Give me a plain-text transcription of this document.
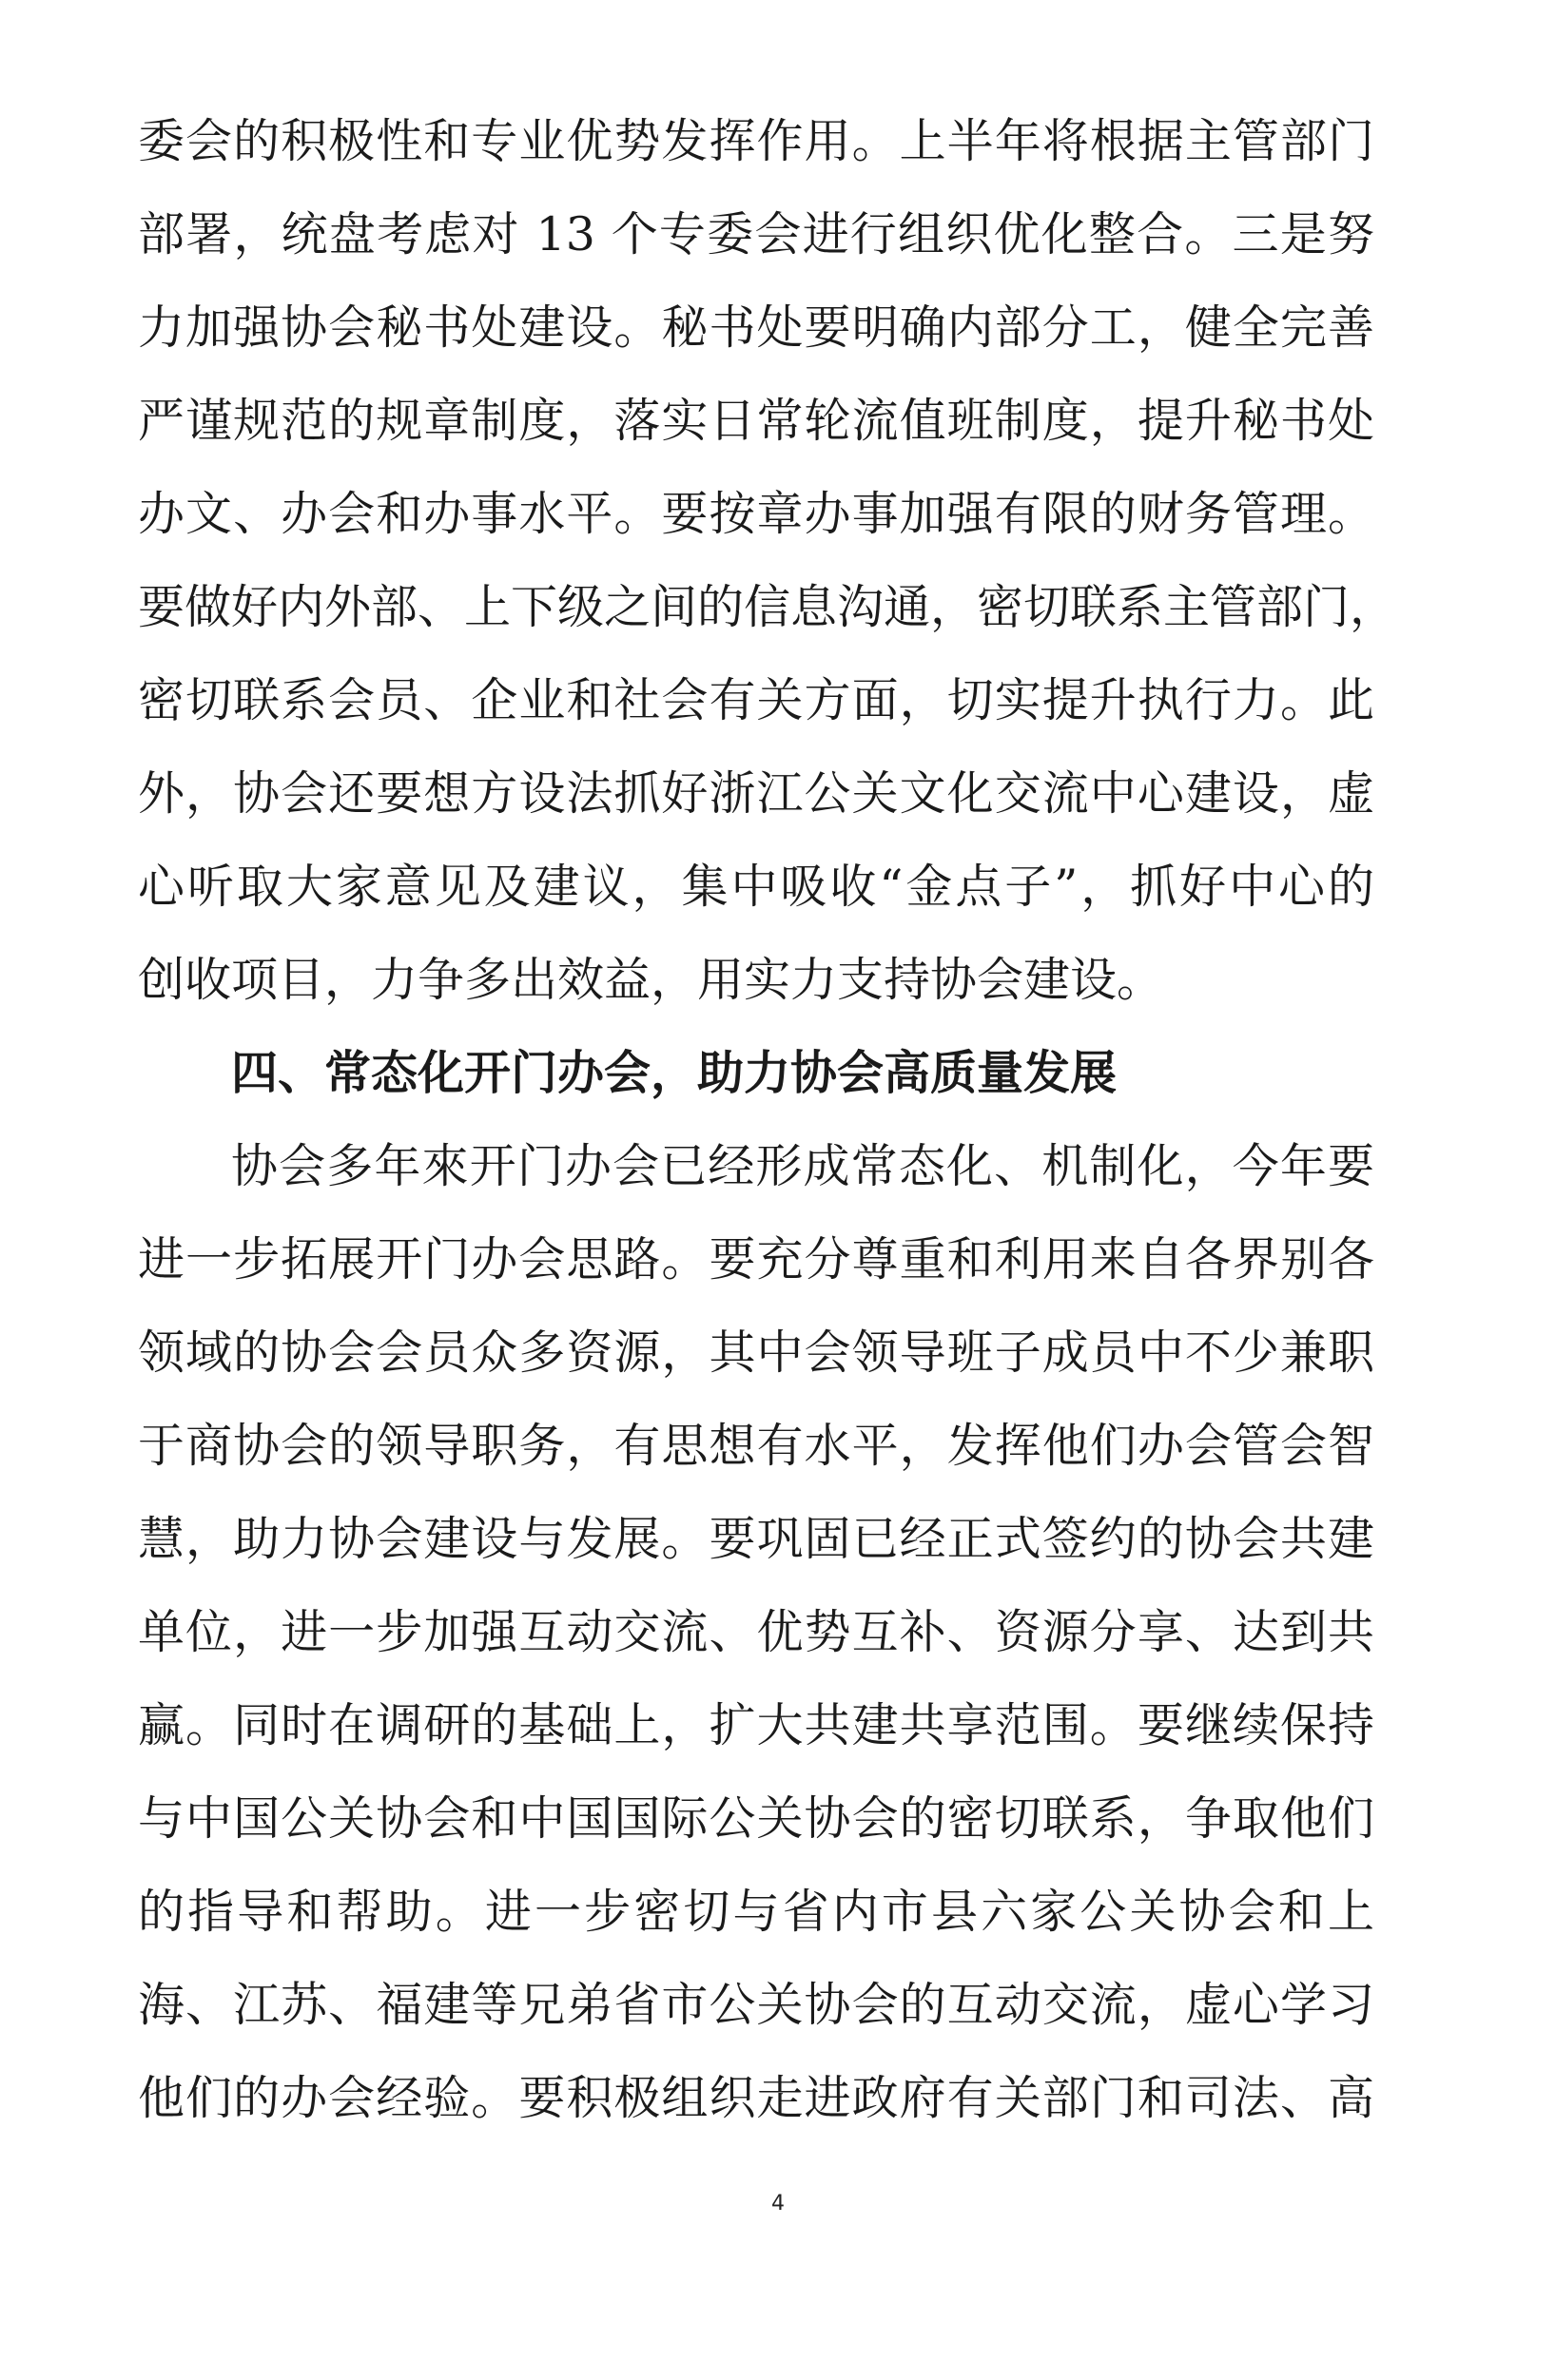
委会的积极性和专业优势发挥作用。上半年将根据主管部门
部署，统盘考虑对 13 个专委会进行组织优化整合。三是努
力加强协会秘书处建设。秘书处要明确内部分工，健全完善
严谨规范的规章制度，落实日常轮流值班制度，提升秘书处
办文、办会和办事水平。要按章办事加强有限的财务管理。
要做好内外部、上下级之间的信息沟通，密切联系主管部门，
密切联系会员、企业和社会有关方面，切实提升执行力。此
外，协会还要想方设法抓好浙江公关文化交流中心建设，虚
心听取大家意见及建议，集中吸收“金点子”，抓好中心的
创收项目，力争多出效益，用实力支持协会建设。
四、常态化开门办会，助力协会高质量发展
协会多年來开门办会已经形成常态化、机制化，今年要
进一步拓展开门办会思路。要充分尊重和利用来自各界别各
领域的协会会员众多资源，其中会领导班子成员中不少兼职
于商协会的领导职务，有思想有水平，发挥他们办会管会智
慧，助力协会建设与发展。要巩固已经正式签约的协会共建
单位，进一步加强互动交流、优势互补、资源分享、达到共
赢。同时在调研的基础上，扩大共建共享范围。要继续保持
与中国公关协会和中国国际公关协会的密切联系，争取他们
的指导和帮助。进一步密切与省内市县六家公关协会和上
海、江苏、福建等兄弟省市公关协会的互动交流，虚心学习
他们的办会经验。要积极组织走进政府有关部门和司法、高
4
